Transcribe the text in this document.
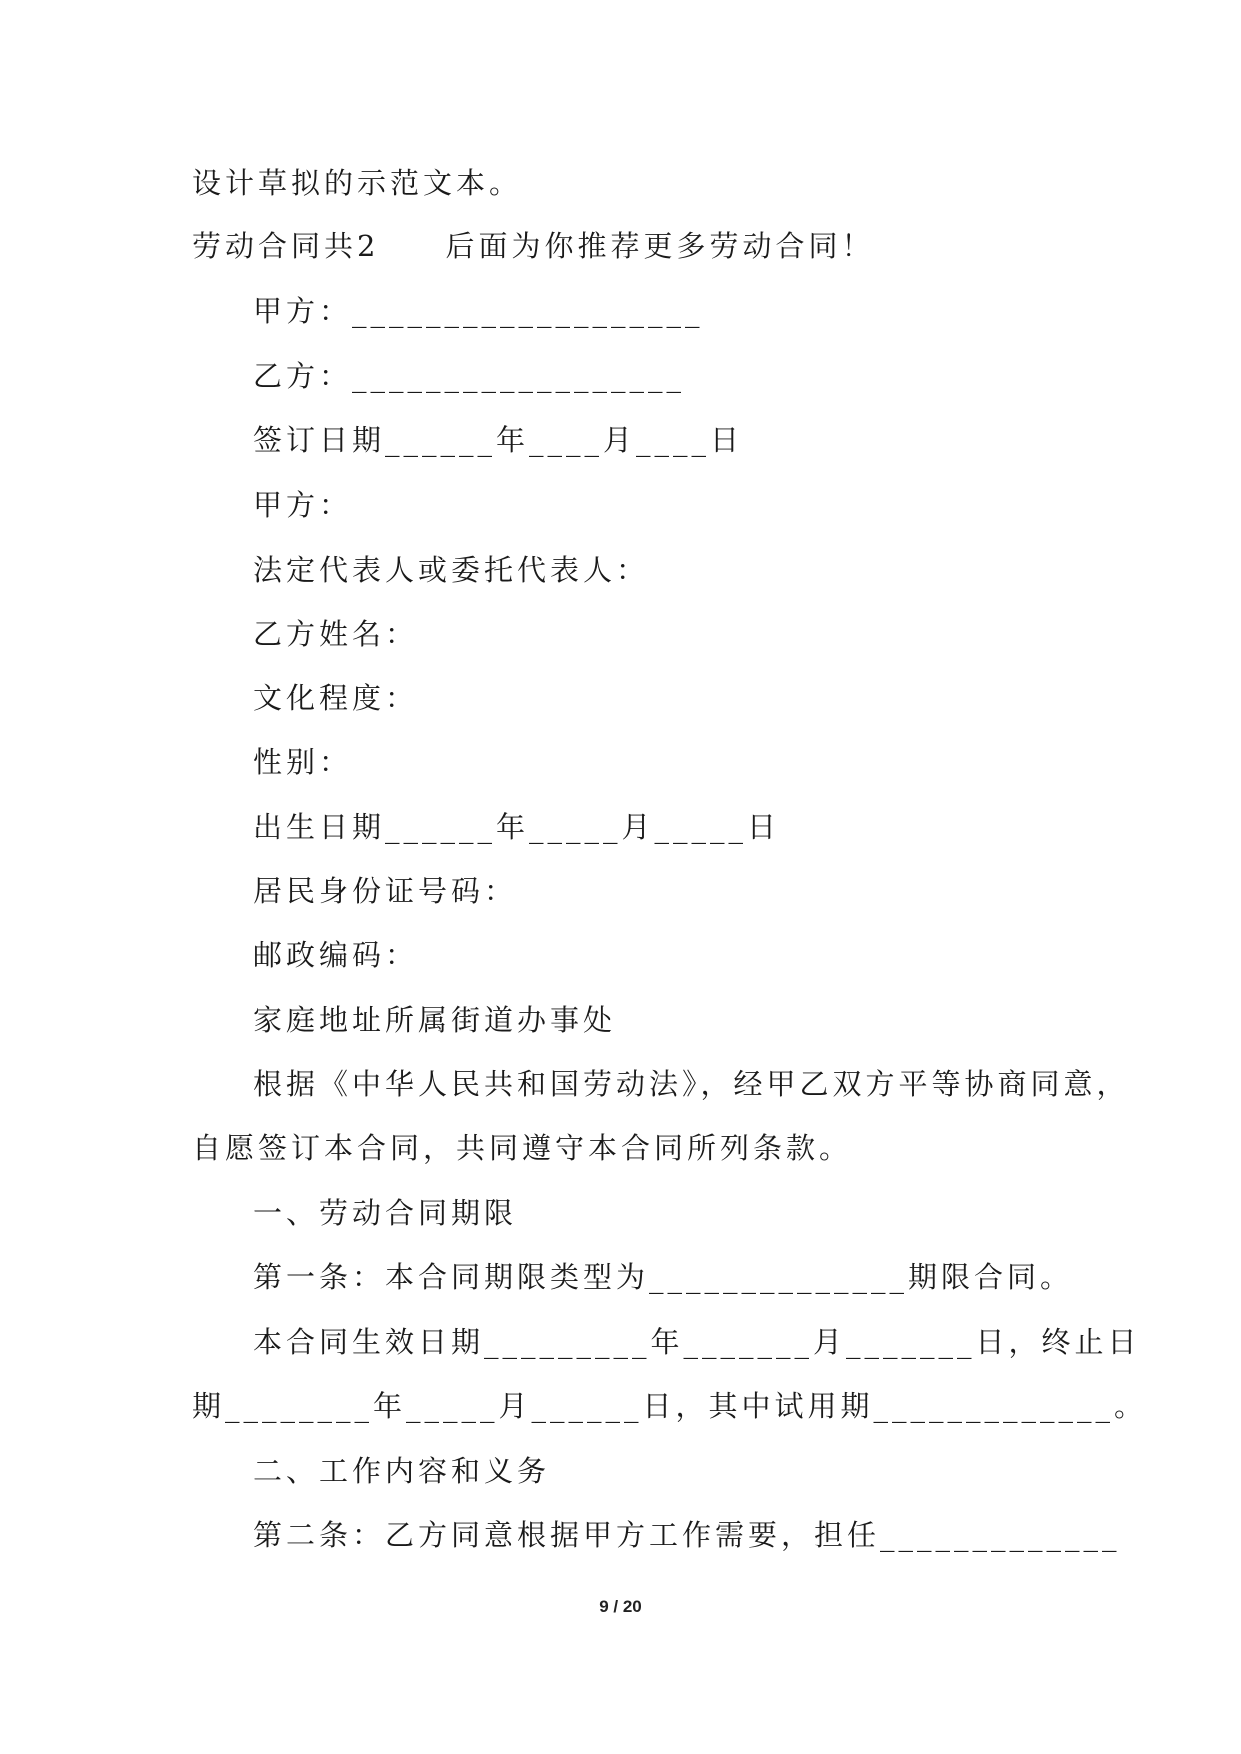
设计草拟的示范文本。
劳动合同共2　　后面为你推荐更多劳动合同！
甲方：___________________
乙方：__________________
签订日期______年____月____日
甲方：
法定代表人或委托代表人：
乙方姓名：
文化程度：
性别：
出生日期______年_____月_____日
居民身份证号码：
邮政编码：
家庭地址所属街道办事处
根据《中华人民共和国劳动法》，经甲乙双方平等协商同意，
自愿签订本合同，共同遵守本合同所列条款。
一、劳动合同期限
第一条：本合同期限类型为______________期限合同。
本合同生效日期_________年_______月_______日，终止日
期________年_____月______日，其中试用期_____________。
二、工作内容和义务
第二条：乙方同意根据甲方工作需要，担任_____________
9 / 20
